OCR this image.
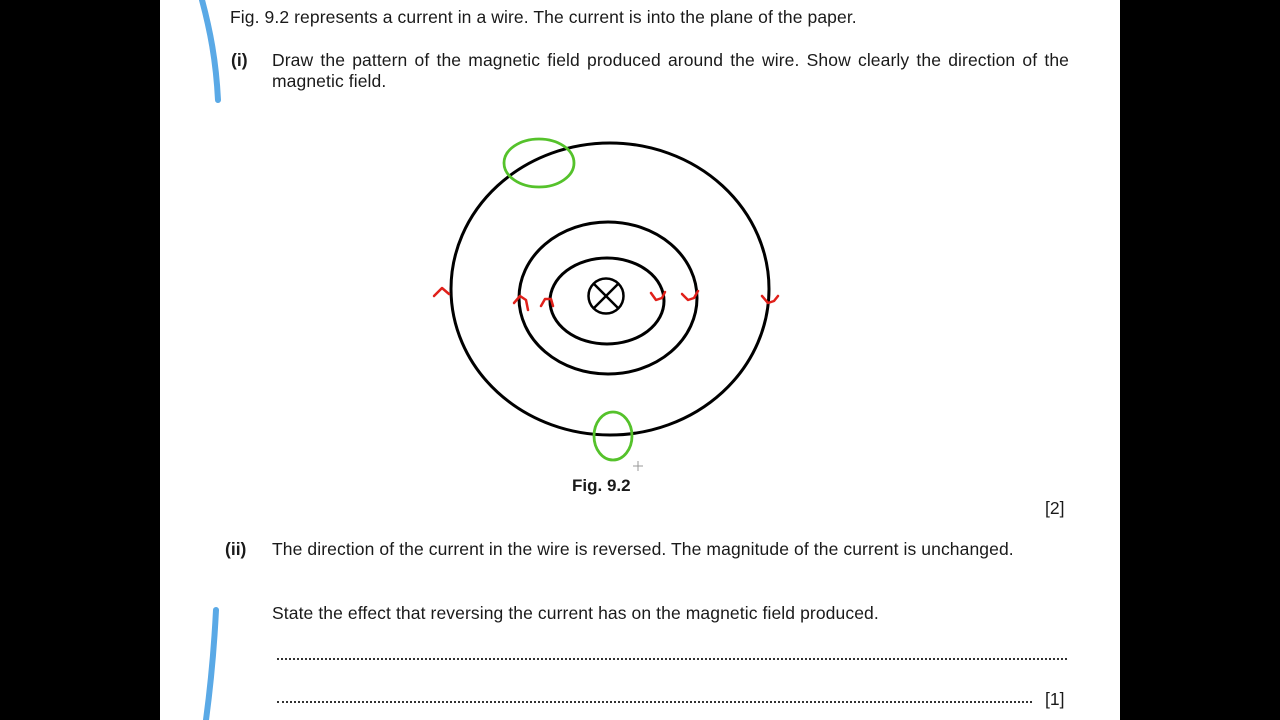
Fig. 9.2 represents a current in a wire. The current is into the plane of the paper.
(i) Draw the pattern of the magnetic field produced around the wire. Show clearly the direction of the magnetic field.
Fig. 9.2
[2]
(ii) The direction of the current in the wire is reversed. The magnitude of the current is unchanged.
State the effect that reversing the current has on the magnetic field produced.
[1]
